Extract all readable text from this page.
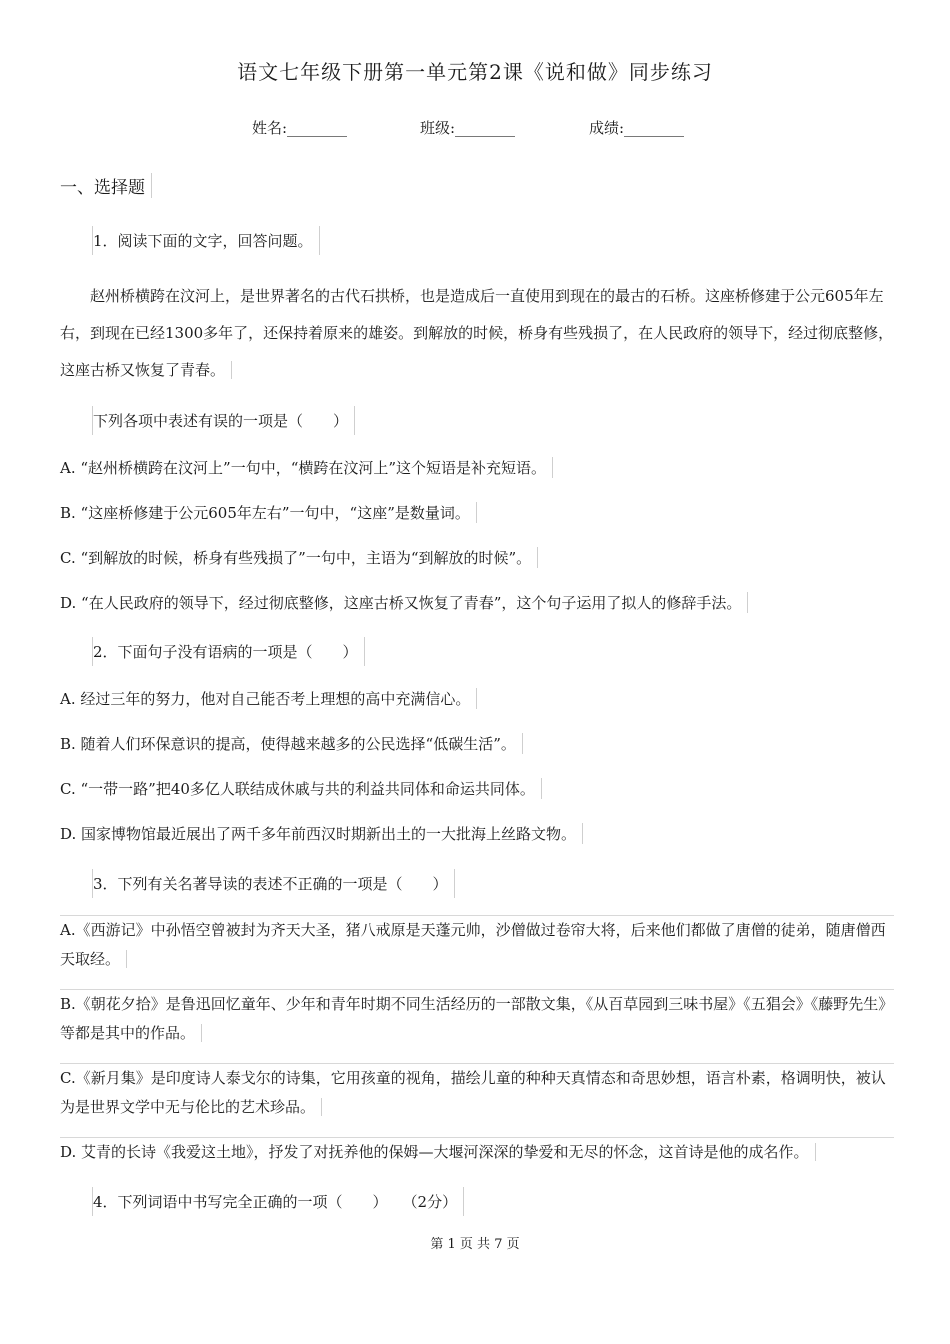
语文七年级下册第一单元第2课《说和做》同步练习
姓名:________	班级:________	成绩:________
一、选择题
1．阅读下面的文字，回答问题。
赵州桥横跨在汶河上，是世界著名的古代石拱桥，也是造成后一直使用到现在的最古的石桥。这座桥修建于公元605年左右，到现在已经1300多年了，还保持着原来的雄姿。到解放的时候，桥身有些残损了，在人民政府的领导下，经过彻底整修，这座古桥又恢复了青春。
下列各项中表述有误的一项是（　　）
A. “赵州桥横跨在汶河上”一句中，“横跨在汶河上”这个短语是补充短语。
B. “这座桥修建于公元605年左右”一句中，“这座”是数量词。
C. “到解放的时候，桥身有些残损了”一句中，主语为“到解放的时候”。
D. “在人民政府的领导下，经过彻底整修，这座古桥又恢复了青春”，这个句子运用了拟人的修辞手法。
2．下面句子没有语病的一项是（　　）
A. 经过三年的努力，他对自己能否考上理想的高中充满信心。
B. 随着人们环保意识的提高，使得越来越多的公民选择“低碳生活”。
C. “一带一路”把40多亿人联结成休戚与共的利益共同体和命运共同体。
D. 国家博物馆最近展出了两千多年前西汉时期新出土的一大批海上丝路文物。
3．下列有关名著导读的表述不正确的一项是（　　）
A.《西游记》中孙悟空曾被封为齐天大圣，猪八戒原是天蓬元帅，沙僧做过卷帘大将，后来他们都做了唐僧的徒弟，随唐僧西天取经。
B.《朝花夕拾》是鲁迅回忆童年、少年和青年时期不同生活经历的一部散文集，《从百草园到三味书屋》《五猖会》《藤野先生》等都是其中的作品。
C.《新月集》是印度诗人泰戈尔的诗集，它用孩童的视角，描绘儿童的种种天真情态和奇思妙想，语言朴素，格调明快，被认为是世界文学中无与伦比的艺术珍品。
D. 艾青的长诗《我爱这土地》，抒发了对抚养他的保姆—大堰河深深的挚爱和无尽的怀念，这首诗是他的成名作。
4．下列词语中书写完全正确的一项（　　）　　（2分）
第 1 页 共 7 页
